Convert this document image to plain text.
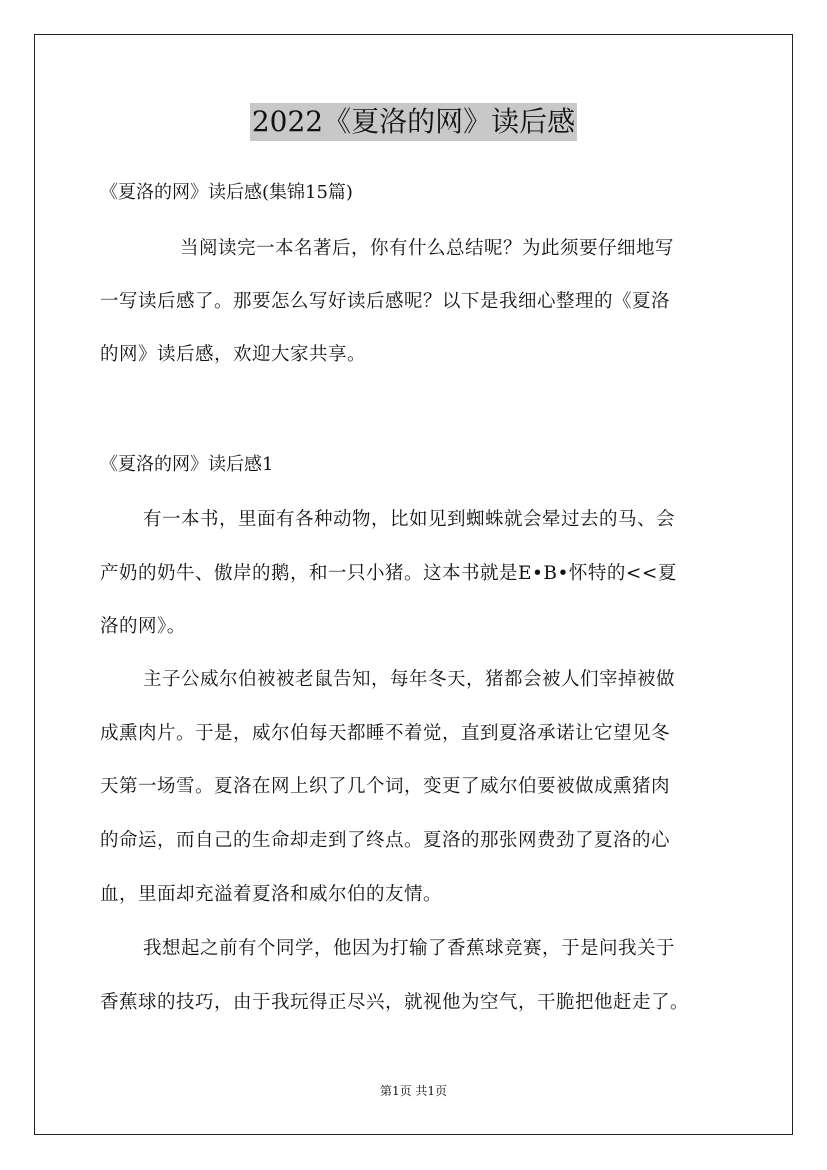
2022《夏洛的网》读后感
《夏洛的网》读后感(集锦15篇)
当阅读完一本名著后，你有什么总结呢？为此须要仔细地写
一写读后感了。那要怎么写好读后感呢？以下是我细心整理的《夏洛
的网》读后感，欢迎大家共享。
《夏洛的网》读后感1
有一本书，里面有各种动物，比如见到蜘蛛就会晕过去的马、会
产奶的奶牛、傲岸的鹅，和一只小猪。这本书就是E•B•怀特的<<夏
洛的网》。
主子公威尔伯被被老鼠告知，每年冬天，猪都会被人们宰掉被做
成熏肉片。于是，威尔伯每天都睡不着觉，直到夏洛承诺让它望见冬
天第一场雪。夏洛在网上织了几个词，变更了威尔伯要被做成熏猪肉
的命运，而自己的生命却走到了终点。夏洛的那张网费劲了夏洛的心
血，里面却充溢着夏洛和威尔伯的友情。
我想起之前有个同学，他因为打输了香蕉球竞赛，于是问我关于
香蕉球的技巧，由于我玩得正尽兴，就视他为空气，干脆把他赶走了。
第1页 共1页
